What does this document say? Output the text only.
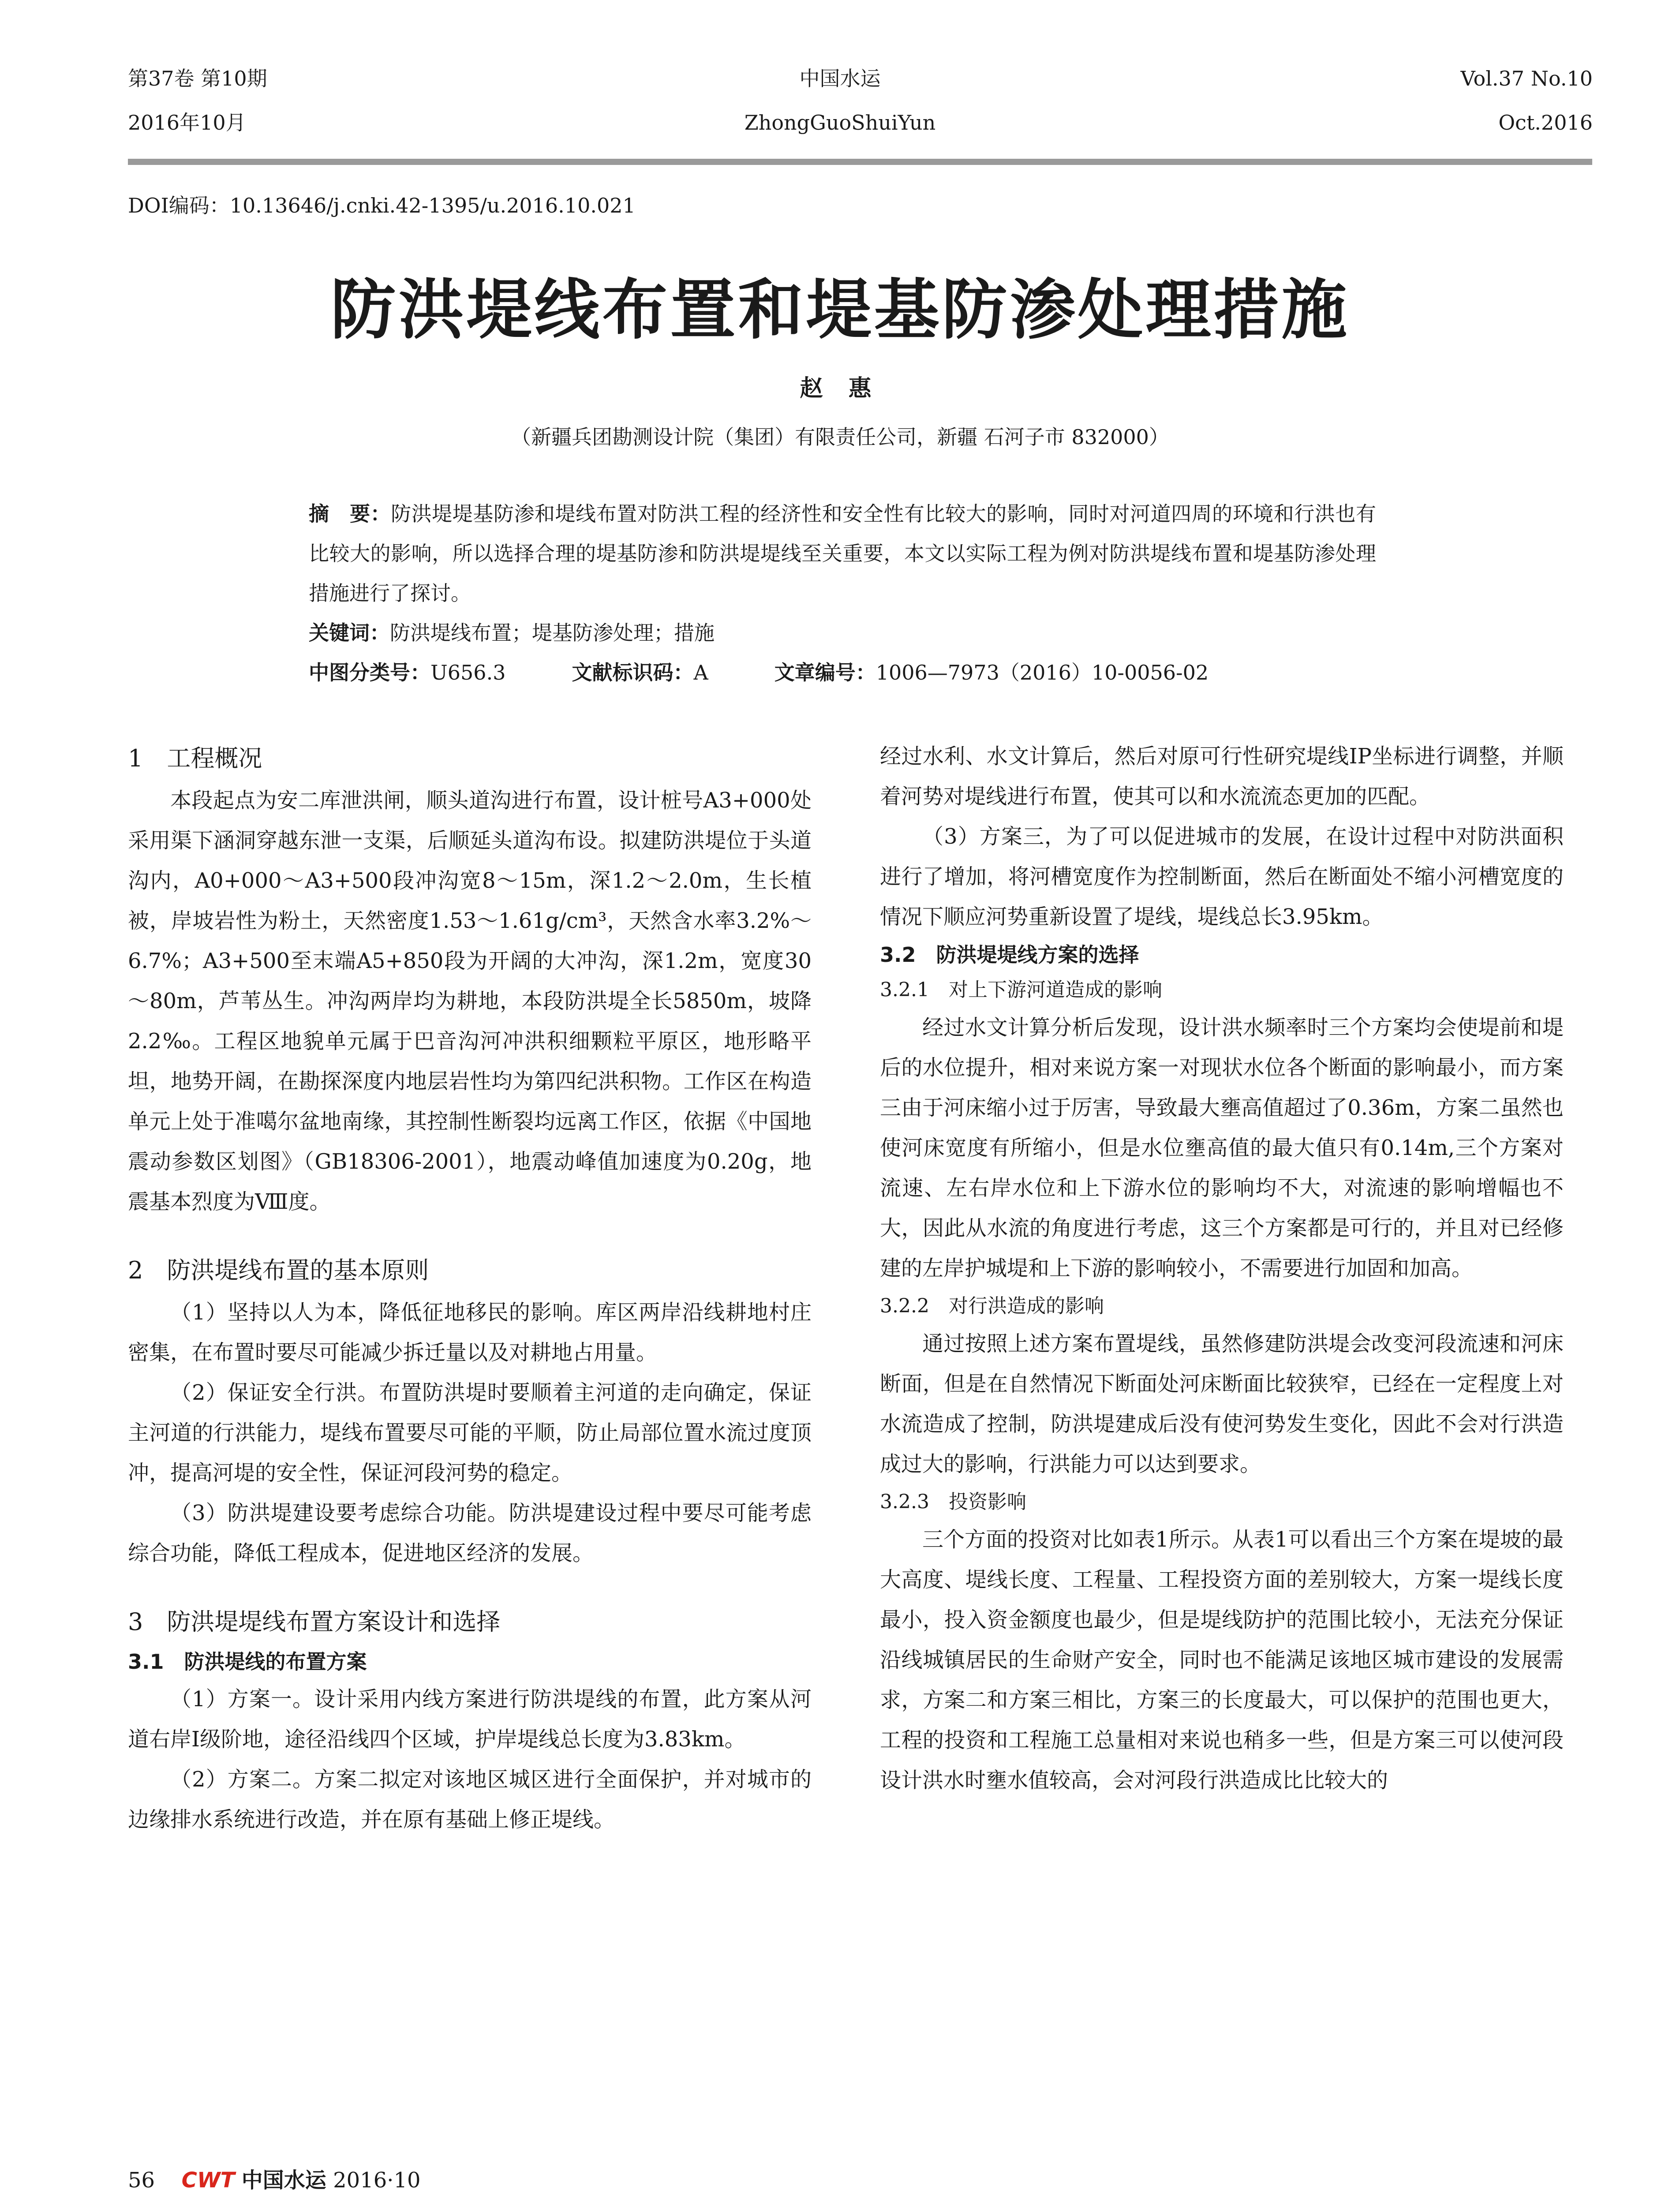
第37卷 第10期
2016年10月
中国水运
ZhongGuoShuiYun
Vol.37 No.10
Oct.2016
DOI编码：10.13646/j.cnki.42-1395/u.2016.10.021
防洪堤线布置和堤基防渗处理措施
赵 惠
（新疆兵团勘测设计院（集团）有限责任公司，新疆 石河子市 832000）
摘　要：防洪堤堤基防渗和堤线布置对防洪工程的经济性和安全性有比较大的影响，同时对河道四周的环境和行洪也有比较大的影响，所以选择合理的堤基防渗和防洪堤堤线至关重要，本文以实际工程为例对防洪堤线布置和堤基防渗处理措施进行了探讨。
关键词：防洪堤线布置；堤基防渗处理；措施
中图分类号：U656.3	文献标识码：A	文章编号：1006—7973（2016）10-0056-02
1　工程概况

本段起点为安二库泄洪闸，顺头道沟进行布置，设计桩号A3+000处采用渠下涵洞穿越东泄一支渠，后顺延头道沟布设。拟建防洪堤位于头道沟内，A0+000～A3+500段冲沟宽8～15m，深1.2～2.0m，生长植被，岸坡岩性为粉土，天然密度1.53～1.61g/cm³，天然含水率3.2%～6.7%；A3+500至末端A5+850段为开阔的大冲沟，深1.2m，宽度30～80m，芦苇丛生。冲沟两岸均为耕地，本段防洪堤全长5850m，坡降2.2‰。工程区地貌单元属于巴音沟河冲洪积细颗粒平原区，地形略平坦，地势开阔，在勘探深度内地层岩性均为第四纪洪积物。工作区在构造单元上处于准噶尔盆地南缘，其控制性断裂均远离工作区，依据《中国地震动参数区划图》（GB18306-2001），地震动峰值加速度为0.20g，地震基本烈度为Ⅷ度。

2　防洪堤线布置的基本原则

（1）坚持以人为本，降低征地移民的影响。库区两岸沿线耕地村庄密集，在布置时要尽可能减少拆迁量以及对耕地占用量。

（2）保证安全行洪。布置防洪堤时要顺着主河道的走向确定，保证主河道的行洪能力，堤线布置要尽可能的平顺，防止局部位置水流过度顶冲，提高河堤的安全性，保证河段河势的稳定。

（3）防洪堤建设要考虑综合功能。防洪堤建设过程中要尽可能考虑综合功能，降低工程成本，促进地区经济的发展。

3　防洪堤堤线布置方案设计和选择
3.1　防洪堤线的布置方案

（1）方案一。设计采用内线方案进行防洪堤线的布置，此方案从河道右岸Ⅰ级阶地，途径沿线四个区域，护岸堤线总长度为3.83km。

（2）方案二。方案二拟定对该地区城区进行全面保护，并对城市的边缘排水系统进行改造，并在原有基础上修正堤线。

经过水利、水文计算后，然后对原可行性研究堤线IP坐标进行调整，并顺着河势对堤线进行布置，使其可以和水流流态更加的匹配。

（3）方案三，为了可以促进城市的发展，在设计过程中对防洪面积进行了增加，将河槽宽度作为控制断面，然后在断面处不缩小河槽宽度的情况下顺应河势重新设置了堤线，堤线总长3.95km。

3.2　防洪堤堤线方案的选择
3.2.1　对上下游河道造成的影响

经过水文计算分析后发现，设计洪水频率时三个方案均会使堤前和堤后的水位提升，相对来说方案一对现状水位各个断面的影响最小，而方案三由于河床缩小过于厉害，导致最大壅高值超过了0.36m，方案二虽然也使河床宽度有所缩小，但是水位壅高值的最大值只有0.14m,三个方案对流速、左右岸水位和上下游水位的影响均不大，对流速的影响增幅也不大，因此从水流的角度进行考虑，这三个方案都是可行的，并且对已经修建的左岸护城堤和上下游的影响较小，不需要进行加固和加高。

3.2.2　对行洪造成的影响

通过按照上述方案布置堤线，虽然修建防洪堤会改变河段流速和河床断面，但是在自然情况下断面处河床断面比较狭窄，已经在一定程度上对水流造成了控制，防洪堤建成后没有使河势发生变化，因此不会对行洪造成过大的影响，行洪能力可以达到要求。

3.2.3　投资影响

三个方面的投资对比如表1所示。从表1可以看出三个方案在堤坡的最大高度、堤线长度、工程量、工程投资方面的差别较大，方案一堤线长度最小，投入资金额度也最少，但是堤线防护的范围比较小，无法充分保证沿线城镇居民的生命财产安全，同时也不能满足该地区城市建设的发展需求，方案二和方案三相比，方案三的长度最大，可以保护的范围也更大，工程的投资和工程施工总量相对来说也稍多一些，但是方案三可以使河段设计洪水时壅水值较高，会对河段行洪造成比比较大的

56 CWT 中国水运 2016·10
